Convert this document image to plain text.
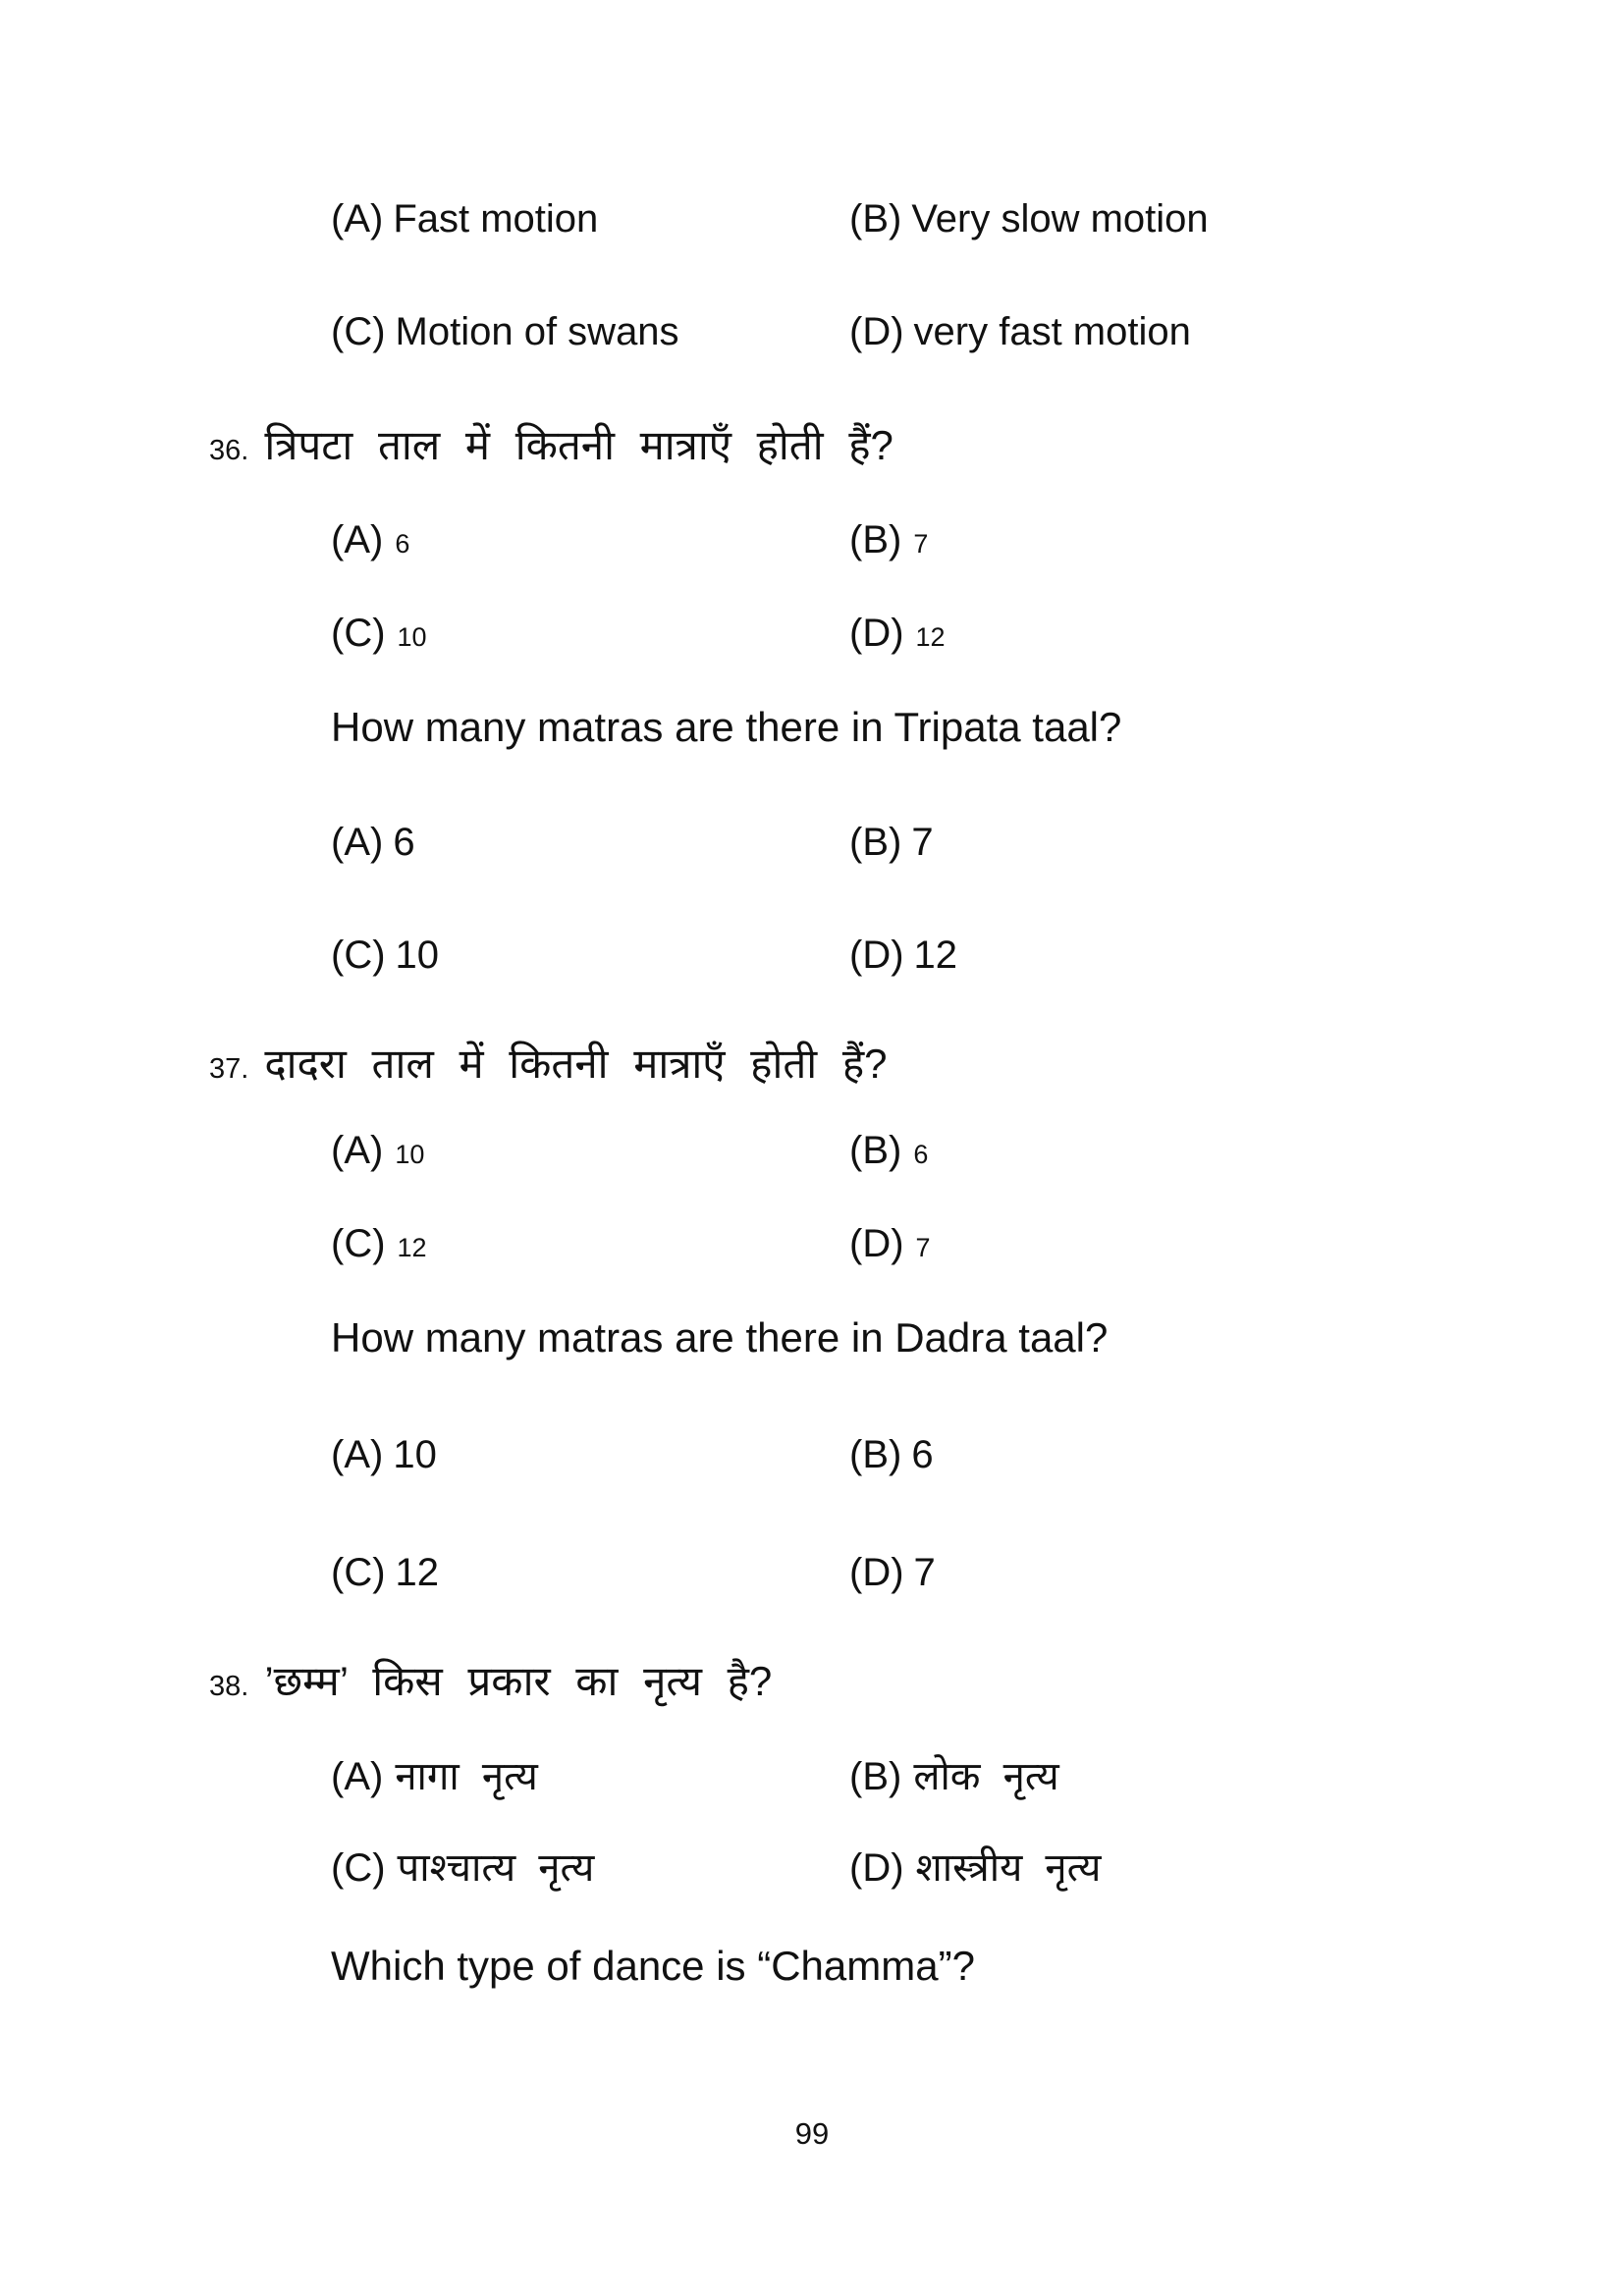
(A) Fast motion	(B) Very slow motion
(C) Motion of swans	(D) very fast motion
36. त्रिपटा ताल में कितनी मात्राएँ होती हैं?
(A) 6	(B) 7
(C) 10	(D) 12
How many matras are there in Tripata taal?
(A) 6	(B) 7
(C) 10	(D) 12
37. दादरा ताल में कितनी मात्राएँ होती हैं?
(A) 10	(B) 6
(C) 12	(D) 7
How many matras are there in Dadra taal?
(A) 10	(B) 6
(C) 12	(D) 7
38. ’छम्म’ किस प्रकार का नृत्य है?
(A) नागा नृत्य	(B) लोक नृत्य
(C) पाश्चात्य नृत्य	(D) शास्त्रीय नृत्य
Which type of dance is “Chamma”?
99
